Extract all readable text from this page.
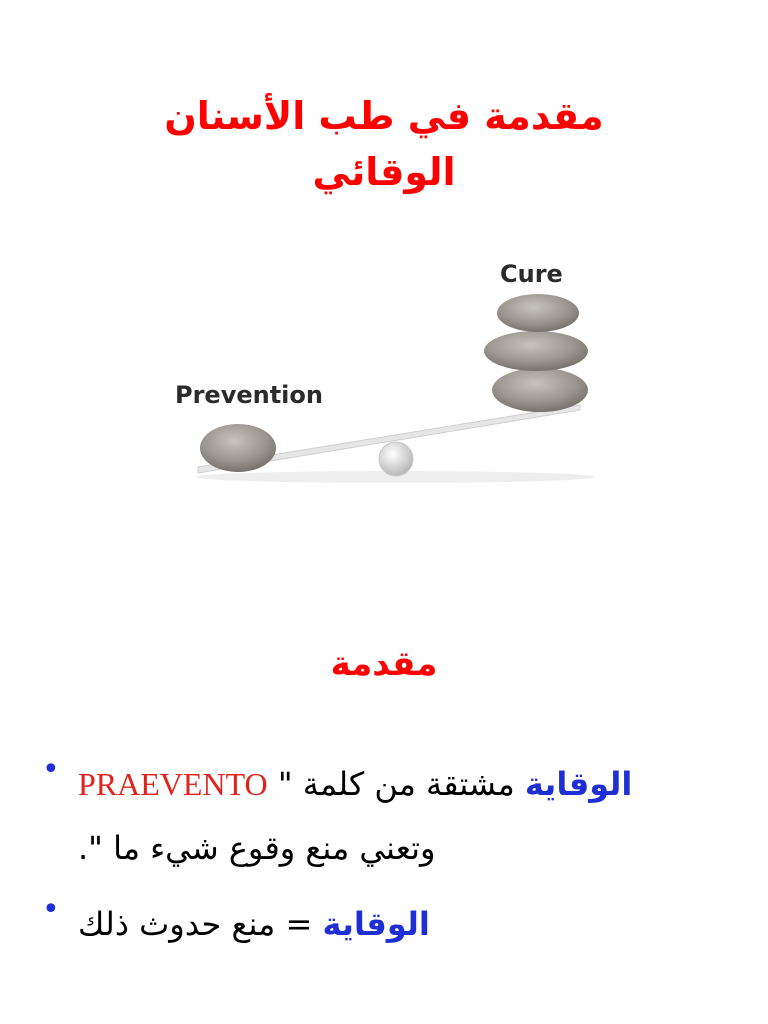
مقدمة في طب الأسنان
الوقائي
Prevention
Cure
مقدمة
•	الوقاية مشتقة من كلمة " PRAEVENTO
وتعني منع وقوع شيء ما ".
•	الوقاية = منع حدوث ذلك
